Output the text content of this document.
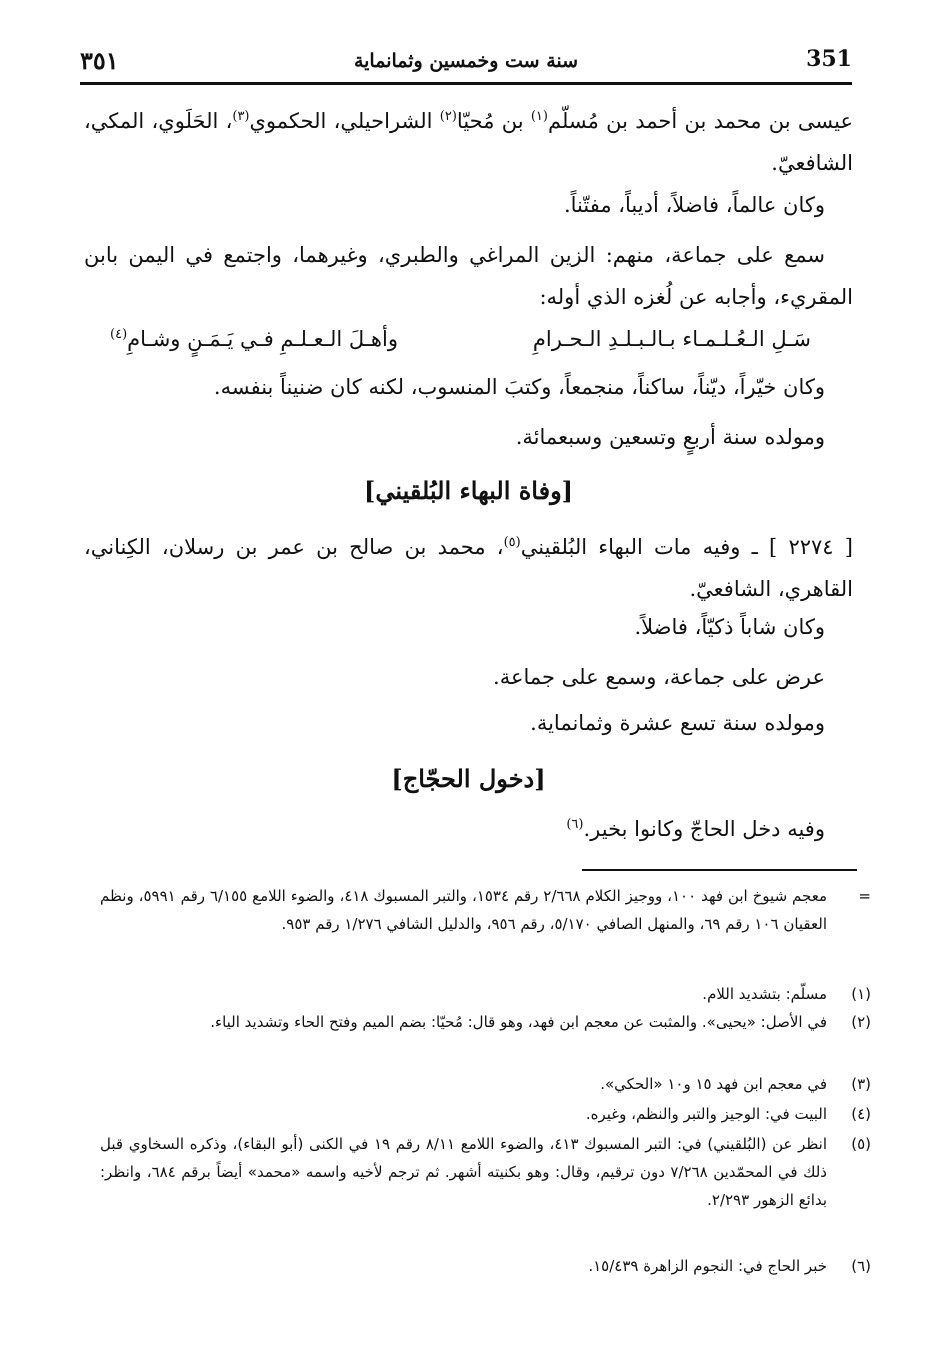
351
سنة ست وخمسين وثمانماية
٣٥١
عيسى بن محمد بن أحمد بن مُسلّم$^{(١)}$ بن مُحيّا$^{(٢)}$ الشراحيلي، الحكموي$^{(٣)}$، الحَلَوي، المكي، الشافعيّ.
وكان عالماً، فاضلاً، أديباً، مفتّناً.
سمع على جماعة، منهم: الزين المراغي والطبري، وغيرهما، واجتمع في اليمن بابن المقريء، وأجابه عن لُغزه الذي أوله:
سَـلِ الـعُـلـمـاء بـالـبـلـدِ الـحـرامِ
وأهـلَ الـعـلـمِ فـي يَـمَـنٍ وشـامِ$^{(٤)}$
وكان خيّراً، ديّناً، ساكناً، منجمعاً، وكتبَ المنسوب، لكنه كان ضنيناً بنفسه.
ومولده سنة أربعٍ وتسعين وسبعمائة.
[وفاة البهاء البُلقيني]
[ ٢٢٧٤ ] ـ وفيه مات البهاء البُلقيني$^{(٥)}$، محمد بن صالح بن عمر بن رسلان، الكِناني، القاهري، الشافعيّ.
وكان شاباً ذكيّاً، فاضلاً.
عرض على جماعة، وسمع على جماعة.
ومولده سنة تسع عشرة وثمانماية.
[دخول الحجّاج]
وفيه دخل الحاجّ وكانوا بخير.$^{(٦)}$
=
معجم شيوخ ابن فهد ١٠٠، ووجيز الكلام ٢/٦٦٨ رقم ١٥٣٤، والتبر المسبوك ٤١٨، والضوء اللامع ٦/١٥٥ رقم ٥٩٩١، ونظم العقيان ١٠٦ رقم ٦٩، والمنهل الصافي ٥/١٧٠، رقم ٩٥٦، والدليل الشافي ١/٢٧٦ رقم ٩٥٣.
(١)
مسلّم: بتشديد اللام.
(٢)
في الأصل: «يحيى». والمثبت عن معجم ابن فهد، وهو قال: مُحيّا: بضم الميم وفتح الحاء وتشديد الياء.
(٣)
في معجم ابن فهد ١٥ و١٠ «الحكي».
(٤)
البيت في: الوجيز والتبر والنظم، وغيره.
(٥)
انظر عن (البُلقيني) في: التبر المسبوك ٤١٣، والضوء اللامع ٨/١١ رقم ١٩ في الكنى (أبو البقاء)، وذكره السخاوي قبل ذلك في المحمّدين ٧/٢٦٨ دون ترقيم، وقال: وهو بكنيته أشهر. ثم ترجم لأخيه واسمه «محمد» أيضاً برقم ٦٨٤، وانظر: بدائع الزهور ٢/٢٩٣.
(٦)
خبر الحاج في: النجوم الزاهرة ١٥/٤٣٩.
